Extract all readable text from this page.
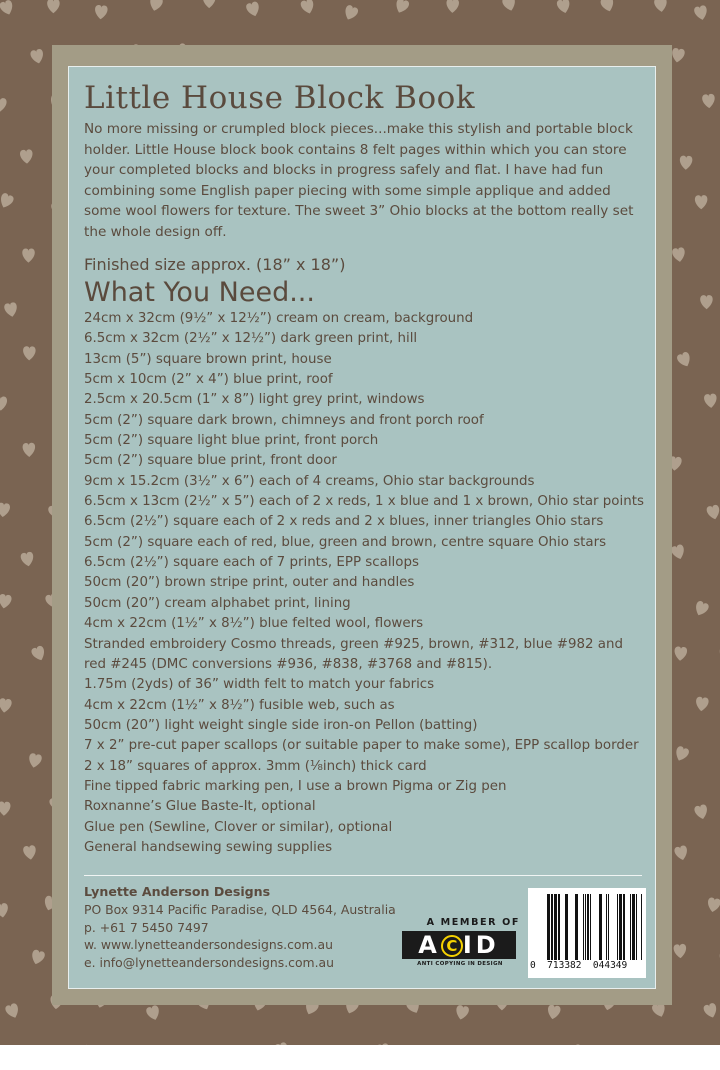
Little House Block Book

No more missing or crumpled block pieces...make this stylish and portable block holder. Little House block book contains 8 felt pages within which you can store your completed blocks and blocks in progress safely and flat. I have had fun combining some English paper piecing with some simple applique and added some wool flowers for texture. The sweet 3” Ohio blocks at the bottom really set the whole design off.

Finished size approx. (18” x 18”)

What You Need...
24cm x 32cm (9½” x 12½”) cream on cream, background
6.5cm x 32cm (2½” x 12½”) dark green print, hill
13cm (5”) square brown print, house
5cm x 10cm (2” x 4”) blue print, roof
2.5cm x 20.5cm (1” x 8”) light grey print, windows
5cm (2”) square dark brown, chimneys and front porch roof
5cm (2”) square light blue print, front porch
5cm (2”) square blue print, front door
9cm x 15.2cm (3½” x 6”) each of 4 creams, Ohio star backgrounds
6.5cm x 13cm (2½” x 5”) each of 2 x reds, 1 x blue and 1 x brown, Ohio star points
6.5cm (2½”) square each of 2 x reds and 2 x blues, inner triangles Ohio stars
5cm (2”) square each of red, blue, green and brown, centre square Ohio stars
6.5cm (2½”) square each of 7 prints, EPP scallops
50cm (20”) brown stripe print, outer and handles
50cm (20”) cream alphabet print, lining
4cm x 22cm (1½” x 8½”) blue felted wool, flowers
Stranded embroidery Cosmo threads, green #925, brown, #312, blue #982 and
red #245 (DMC conversions #936, #838, #3768 and #815).
1.75m (2yds) of 36” width felt to match your fabrics
4cm x 22cm (1½” x 8½”) fusible web, such as
50cm (20”) light weight single side iron-on Pellon (batting)
7 x 2” pre-cut paper scallops (or suitable paper to make some), EPP scallop border
2 x 18” squares of approx. 3mm (⅛inch) thick card
Fine tipped fabric marking pen, I use a brown Pigma or Zig pen
Roxnanne’s Glue Baste-It, optional
Glue pen (Sewline, Clover or similar), optional
General handsewing sewing supplies
Lynette Anderson Designs
PO Box 9314 Pacific Paradise, QLD 4564, Australia
p. +61 7 5450 7497
w. www.lynetteandersondesigns.com.au
e. info@lynetteandersondesigns.com.au
A MEMBER OF
A C ID
ANTI COPYING IN DESIGN	0  713382  044349
